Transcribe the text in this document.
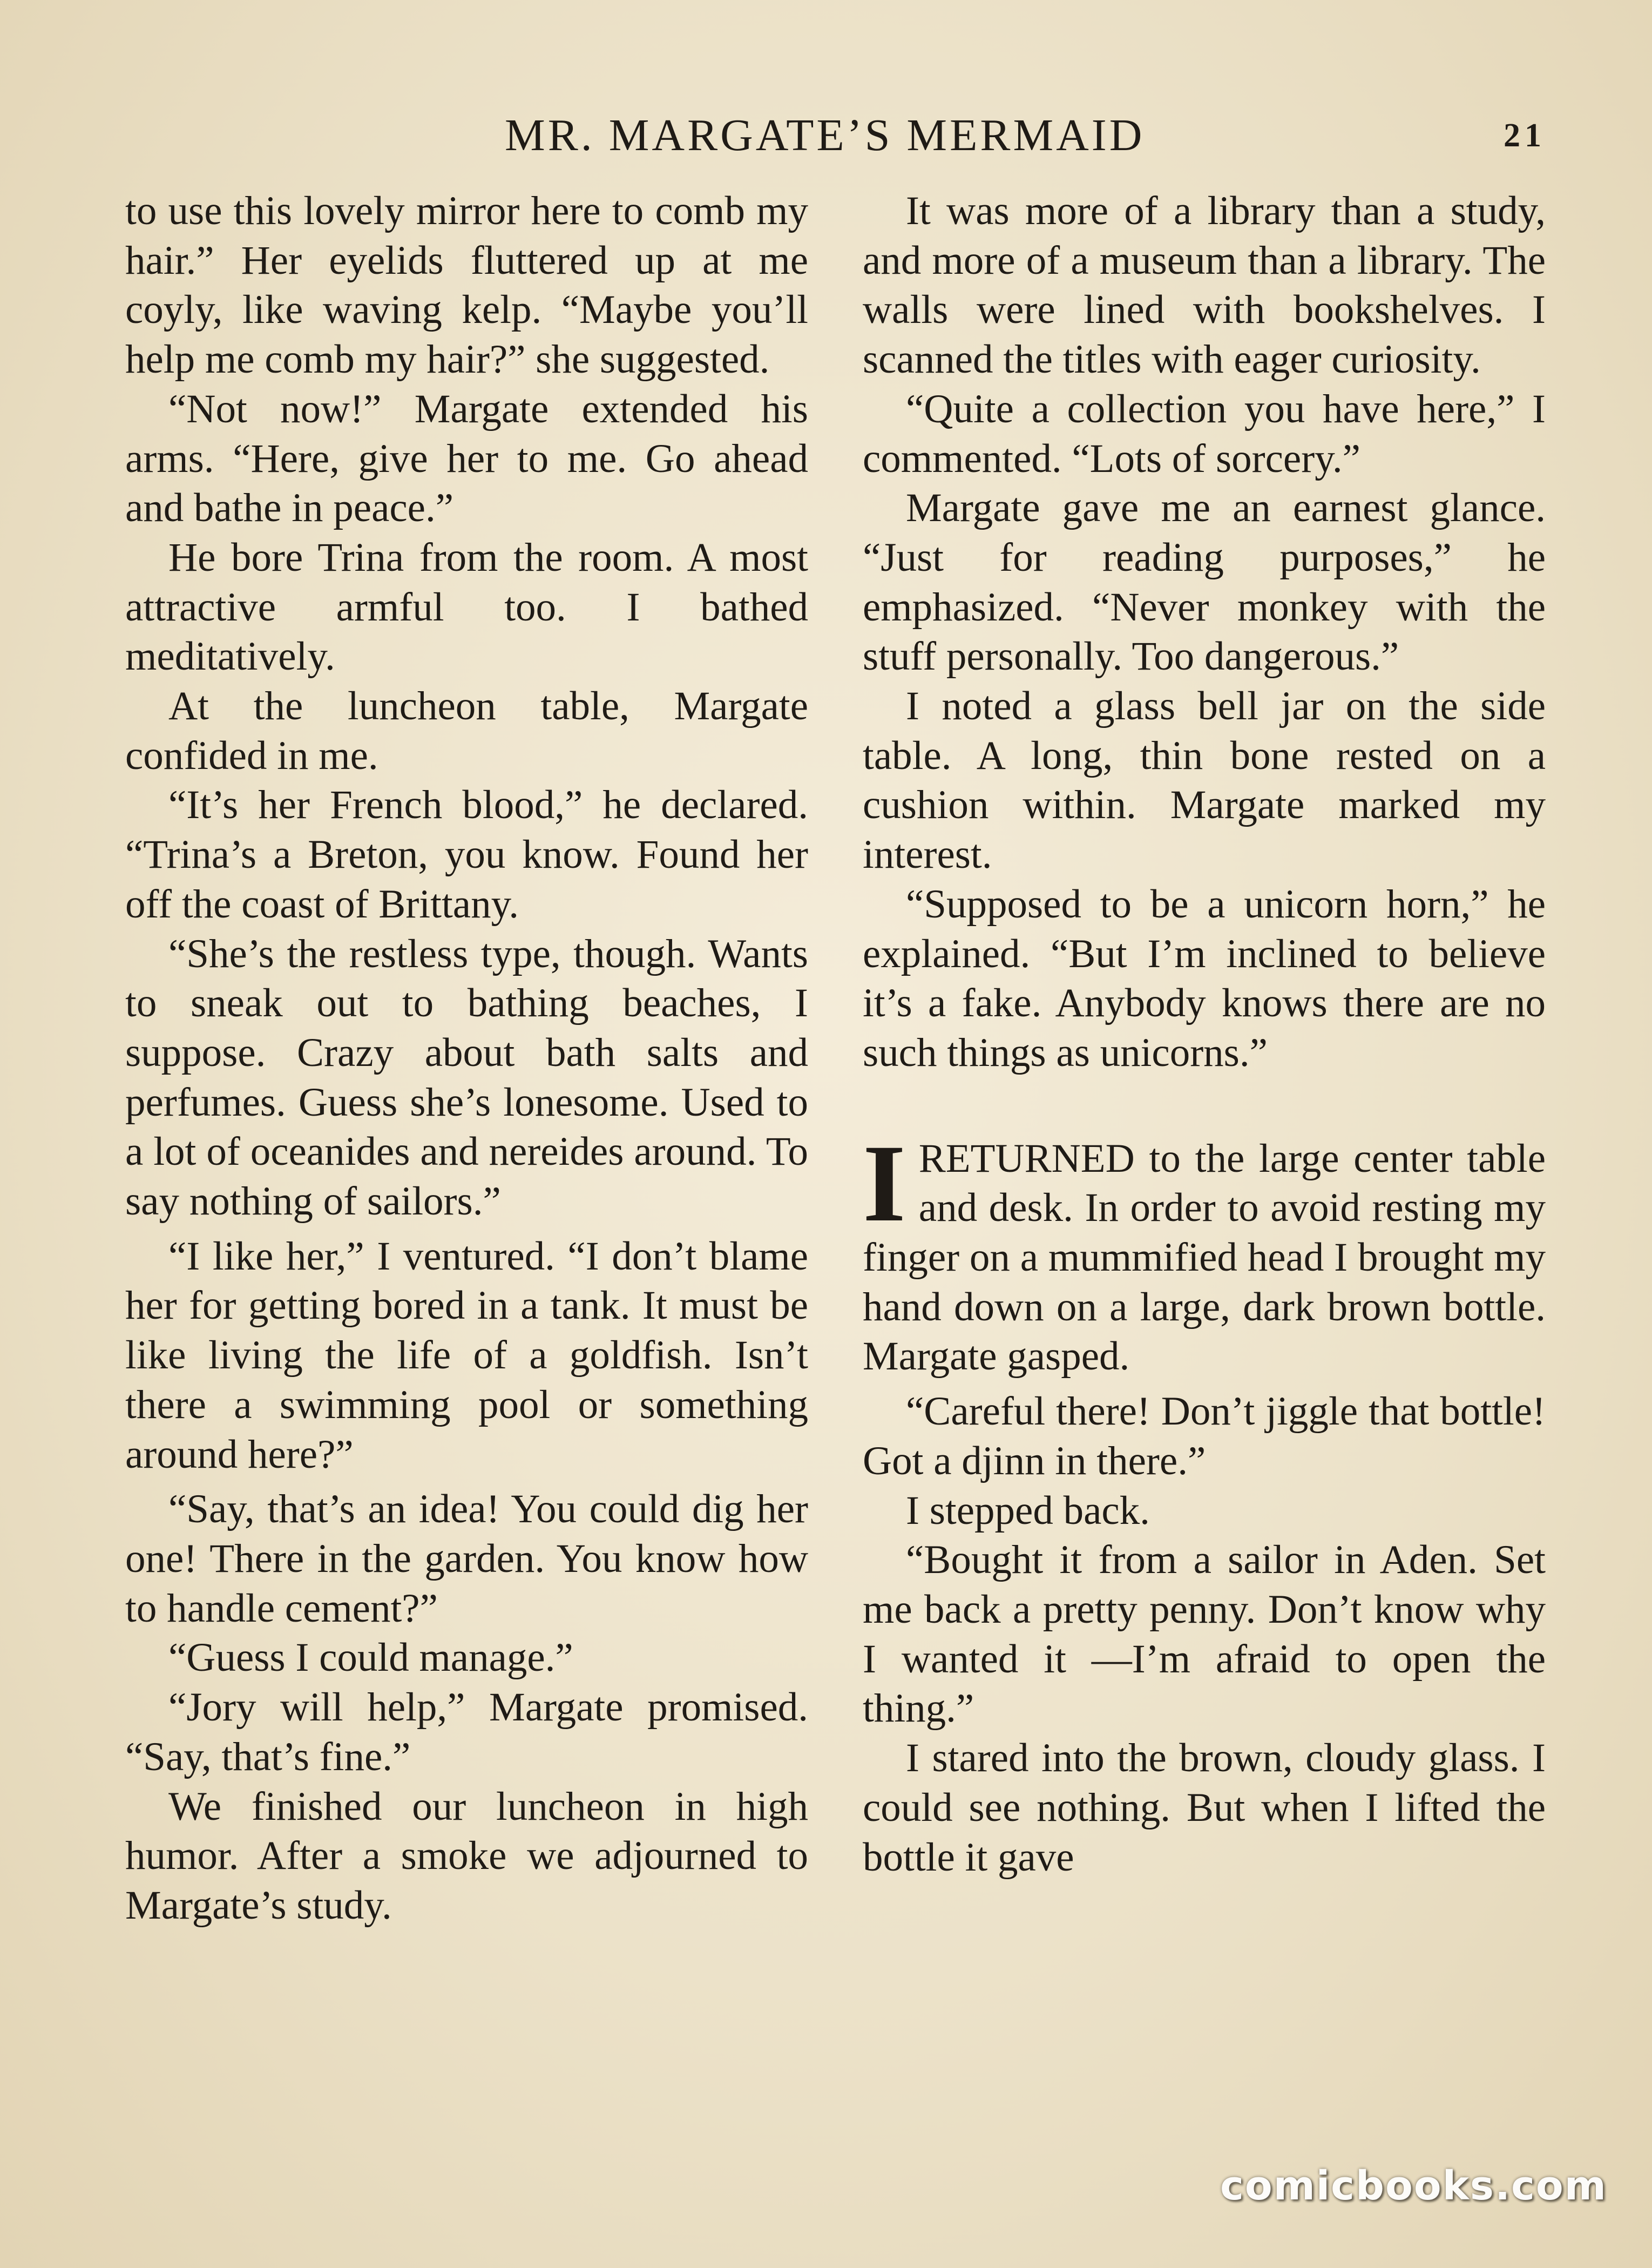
MR. MARGATE’S MERMAID	21

to use this lovely mirror here to comb my hair.” Her eyelids fluttered up at me coyly, like waving kelp. “Maybe you’ll help me comb my hair?” she suggested.

“Not now!” Margate extended his arms. “Here, give her to me. Go ahead and bathe in peace.”

He bore Trina from the room. A most attractive armful too. I bathed meditatively.

At the luncheon table, Margate confided in me.

“It’s her French blood,” he declared. “Trina’s a Breton, you know. Found her off the coast of Brittany.

“She’s the restless type, though. Wants to sneak out to bathing beaches, I suppose. Crazy about bath salts and perfumes. Guess she’s lonesome. Used to a lot of oceanides and nereides around. To say nothing of sailors.”

“I like her,” I ventured. “I don’t blame her for getting bored in a tank. It must be like living the life of a goldfish. Isn’t there a swimming pool or something around here?”

“Say, that’s an idea! You could dig her one! There in the garden. You know how to handle cement?”

“Guess I could manage.”

“Jory will help,” Margate promised. “Say, that’s fine.”

We finished our luncheon in high humor. After a smoke we adjourned to Margate’s study.

It was more of a library than a study, and more of a museum than a library. The walls were lined with bookshelves. I scanned the titles with eager curiosity.

“Quite a collection you have here,” I commented. “Lots of sorcery.”

Margate gave me an earnest glance. “Just for reading purposes,” he emphasized. “Never monkey with the stuff personally. Too dangerous.”

I noted a glass bell jar on the side table. A long, thin bone rested on a cushion within. Margate marked my interest.

“Supposed to be a unicorn horn,” he explained. “But I’m inclined to believe it’s a fake. Anybody knows there are no such things as unicorns.”

IRETURNED to the large center table and desk. In order to avoid resting my finger on a mummified head I brought my hand down on a large, dark brown bottle. Margate gasped.

“Careful there! Don’t jiggle that bottle! Got a djinn in there.”

I stepped back.

“Bought it from a sailor in Aden. Set me back a pretty penny. Don’t know why I wanted it —I’m afraid to open the thing.”

I stared into the brown, cloudy glass. I could see nothing. But when I lifted the bottle it gave

comicbooks.com
